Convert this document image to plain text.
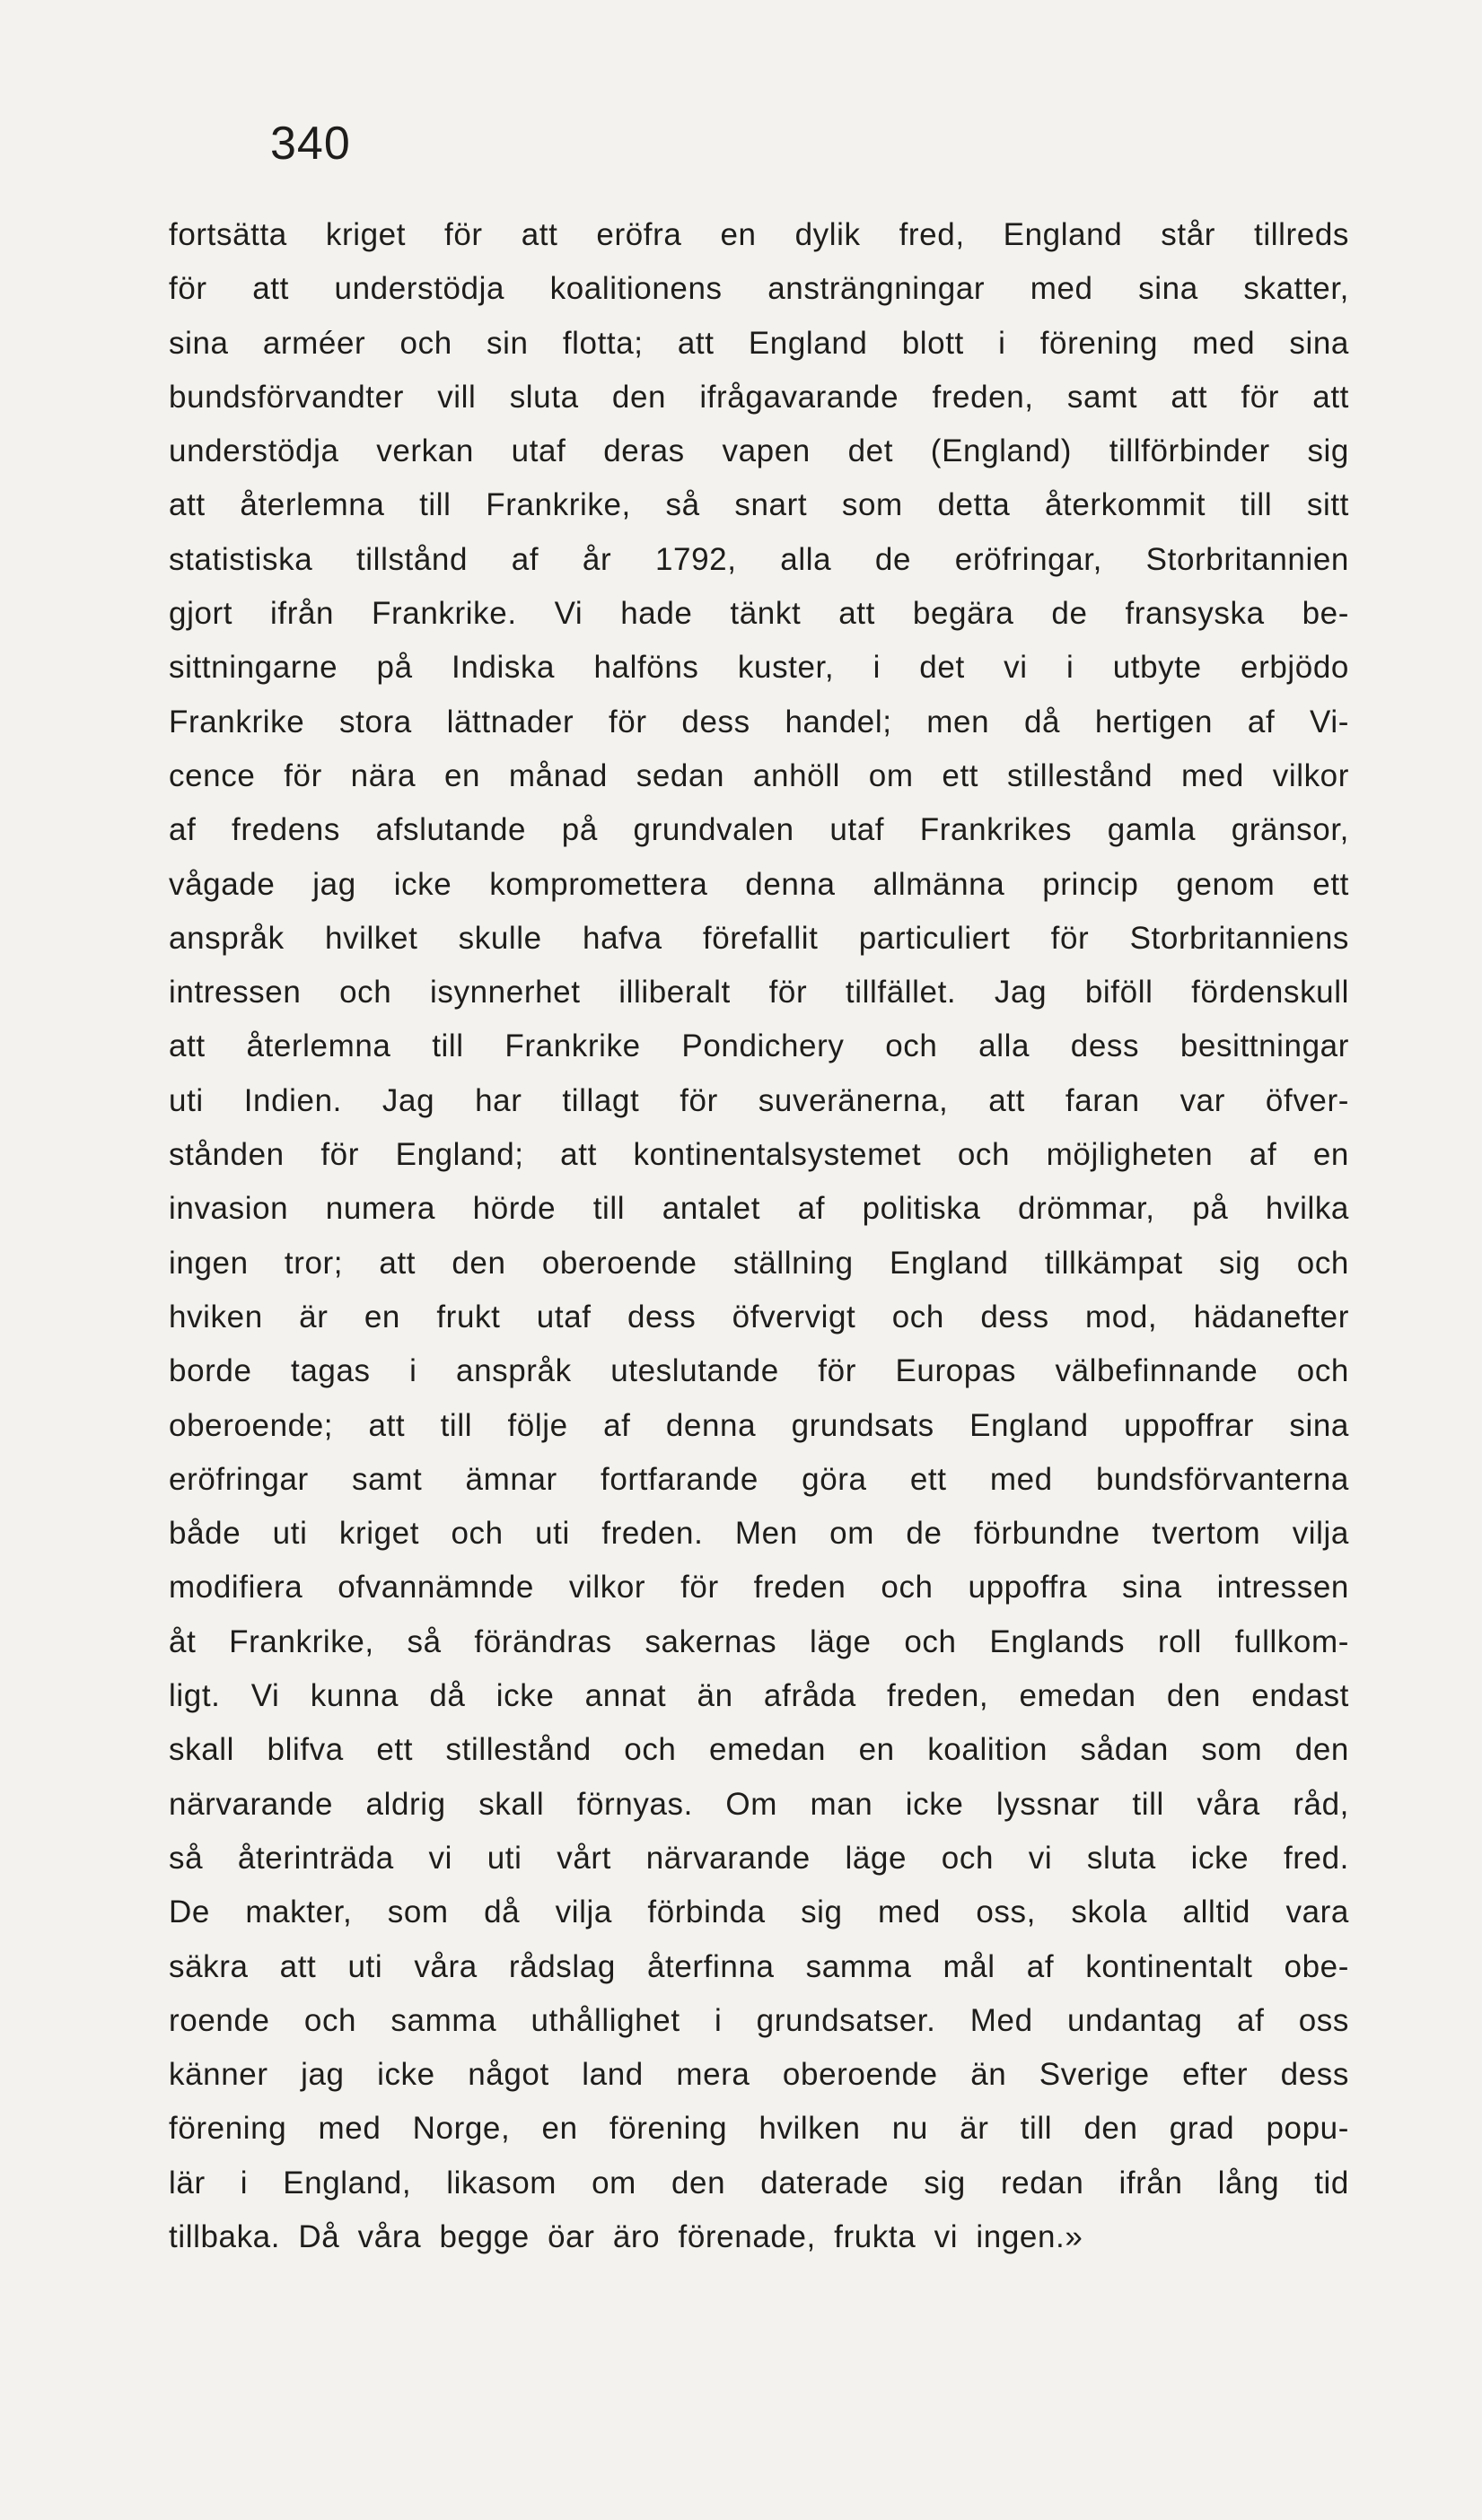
340
fortsätta kriget för att eröfra en dylik fred, England står tillreds
för att understödja koalitionens ansträngningar med sina skatter,
sina arméer och sin flotta; att England blott i förening med sina
bundsförvandter vill sluta den ifrågavarande freden, samt att för att
understödja verkan utaf deras vapen det (England) tillförbinder sig
att återlemna till Frankrike, så snart som detta återkommit till sitt
statistiska tillstånd af år 1792, alla de eröfringar, Storbritannien
gjort ifrån Frankrike. Vi hade tänkt att begära de fransyska be-
sittningarne på Indiska halföns kuster, i det vi i utbyte erbjödo
Frankrike stora lättnader för dess handel; men då hertigen af Vi-
cence för nära en månad sedan anhöll om ett stillestånd med vilkor
af fredens afslutande på grundvalen utaf Frankrikes gamla gränsor,
vågade jag icke kompromettera denna allmänna princip genom ett
anspråk hvilket skulle hafva förefallit particuliert för Storbritanniens
intressen och isynnerhet illiberalt för tillfället. Jag biföll fördenskull
att återlemna till Frankrike Pondichery och alla dess besittningar
uti Indien. Jag har tillagt för suveränerna, att faran var öfver-
stånden för England; att kontinentalsystemet och möjligheten af en
invasion numera hörde till antalet af politiska drömmar, på hvilka
ingen tror; att den oberoende ställning England tillkämpat sig och
hviken är en frukt utaf dess öfvervigt och dess mod, hädanefter
borde tagas i anspråk uteslutande för Europas välbefinnande och
oberoende; att till följe af denna grundsats England uppoffrar sina
eröfringar samt ämnar fortfarande göra ett med bundsförvanterna
både uti kriget och uti freden. Men om de förbundne tvertom vilja
modifiera ofvannämnde vilkor för freden och uppoffra sina intressen
åt Frankrike, så förändras sakernas läge och Englands roll fullkom-
ligt. Vi kunna då icke annat än afråda freden, emedan den endast
skall blifva ett stillestånd och emedan en koalition sådan som den
närvarande aldrig skall förnyas. Om man icke lyssnar till våra råd,
så återinträda vi uti vårt närvarande läge och vi sluta icke fred.
De makter, som då vilja förbinda sig med oss, skola alltid vara
säkra att uti våra rådslag återfinna samma mål af kontinentalt obe-
roende och samma uthållighet i grundsatser. Med undantag af oss
känner jag icke något land mera oberoende än Sverige efter dess
förening med Norge, en förening hvilken nu är till den grad popu-
lär i England, likasom om den daterade sig redan ifrån lång tid
tillbaka. Då våra begge öar äro förenade, frukta vi ingen.»
